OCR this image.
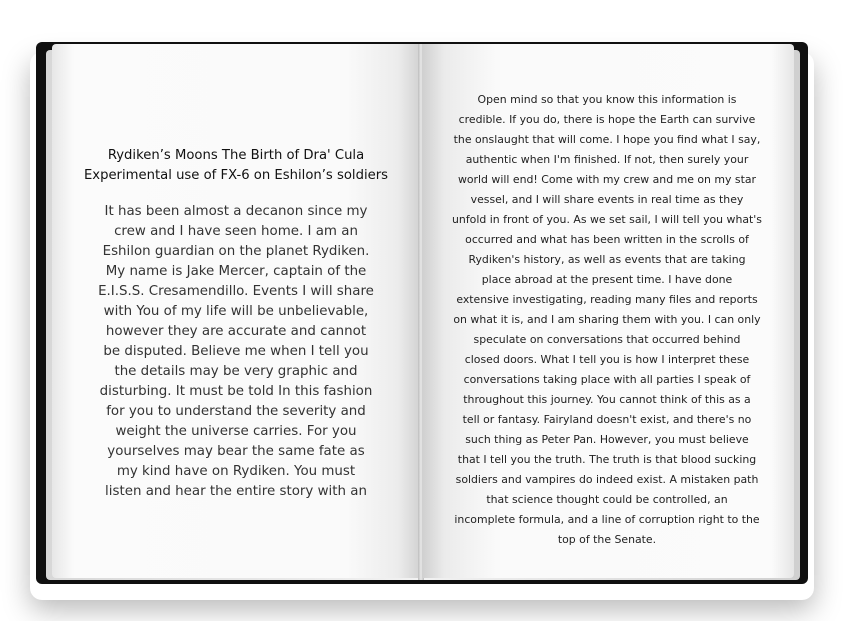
Rydiken’s Moons The Birth of Dra' Cula
Experimental use of FX-6 on Eshilon’s soldiers
It has been almost a decanon since my
crew and I have seen home. I am an
Eshilon guardian on the planet Rydiken.
My name is Jake Mercer, captain of the
E.I.S.S. Cresamendillo. Events I will share
with You of my life will be unbelievable,
however they are accurate and cannot
be disputed. Believe me when I tell you
the details may be very graphic and
disturbing. It must be told In this fashion
for you to understand the severity and
weight the universe carries. For you
yourselves may bear the same fate as
my kind have on Rydiken. You must
listen and hear the entire story with an
Open mind so that you know this information is
credible. If you do, there is hope the Earth can survive
the onslaught that will come. I hope you find what I say,
authentic when I'm finished. If not, then surely your
world will end! Come with my crew and me on my star
vessel, and I will share events in real time as they
unfold in front of you. As we set sail, I will tell you what's
occurred and what has been written in the scrolls of
Rydiken's history, as well as events that are taking
place abroad at the present time. I have done
extensive investigating, reading many files and reports
on what it is, and I am sharing them with you. I can only
speculate on conversations that occurred behind
closed doors. What I tell you is how I interpret these
conversations taking place with all parties I speak of
throughout this journey. You cannot think of this as a
tell or fantasy. Fairyland doesn't exist, and there's no
such thing as Peter Pan. However, you must believe
that I tell you the truth. The truth is that blood sucking
soldiers and vampires do indeed exist. A mistaken path
that science thought could be controlled, an
incomplete formula, and a line of corruption right to the
top of the Senate.
